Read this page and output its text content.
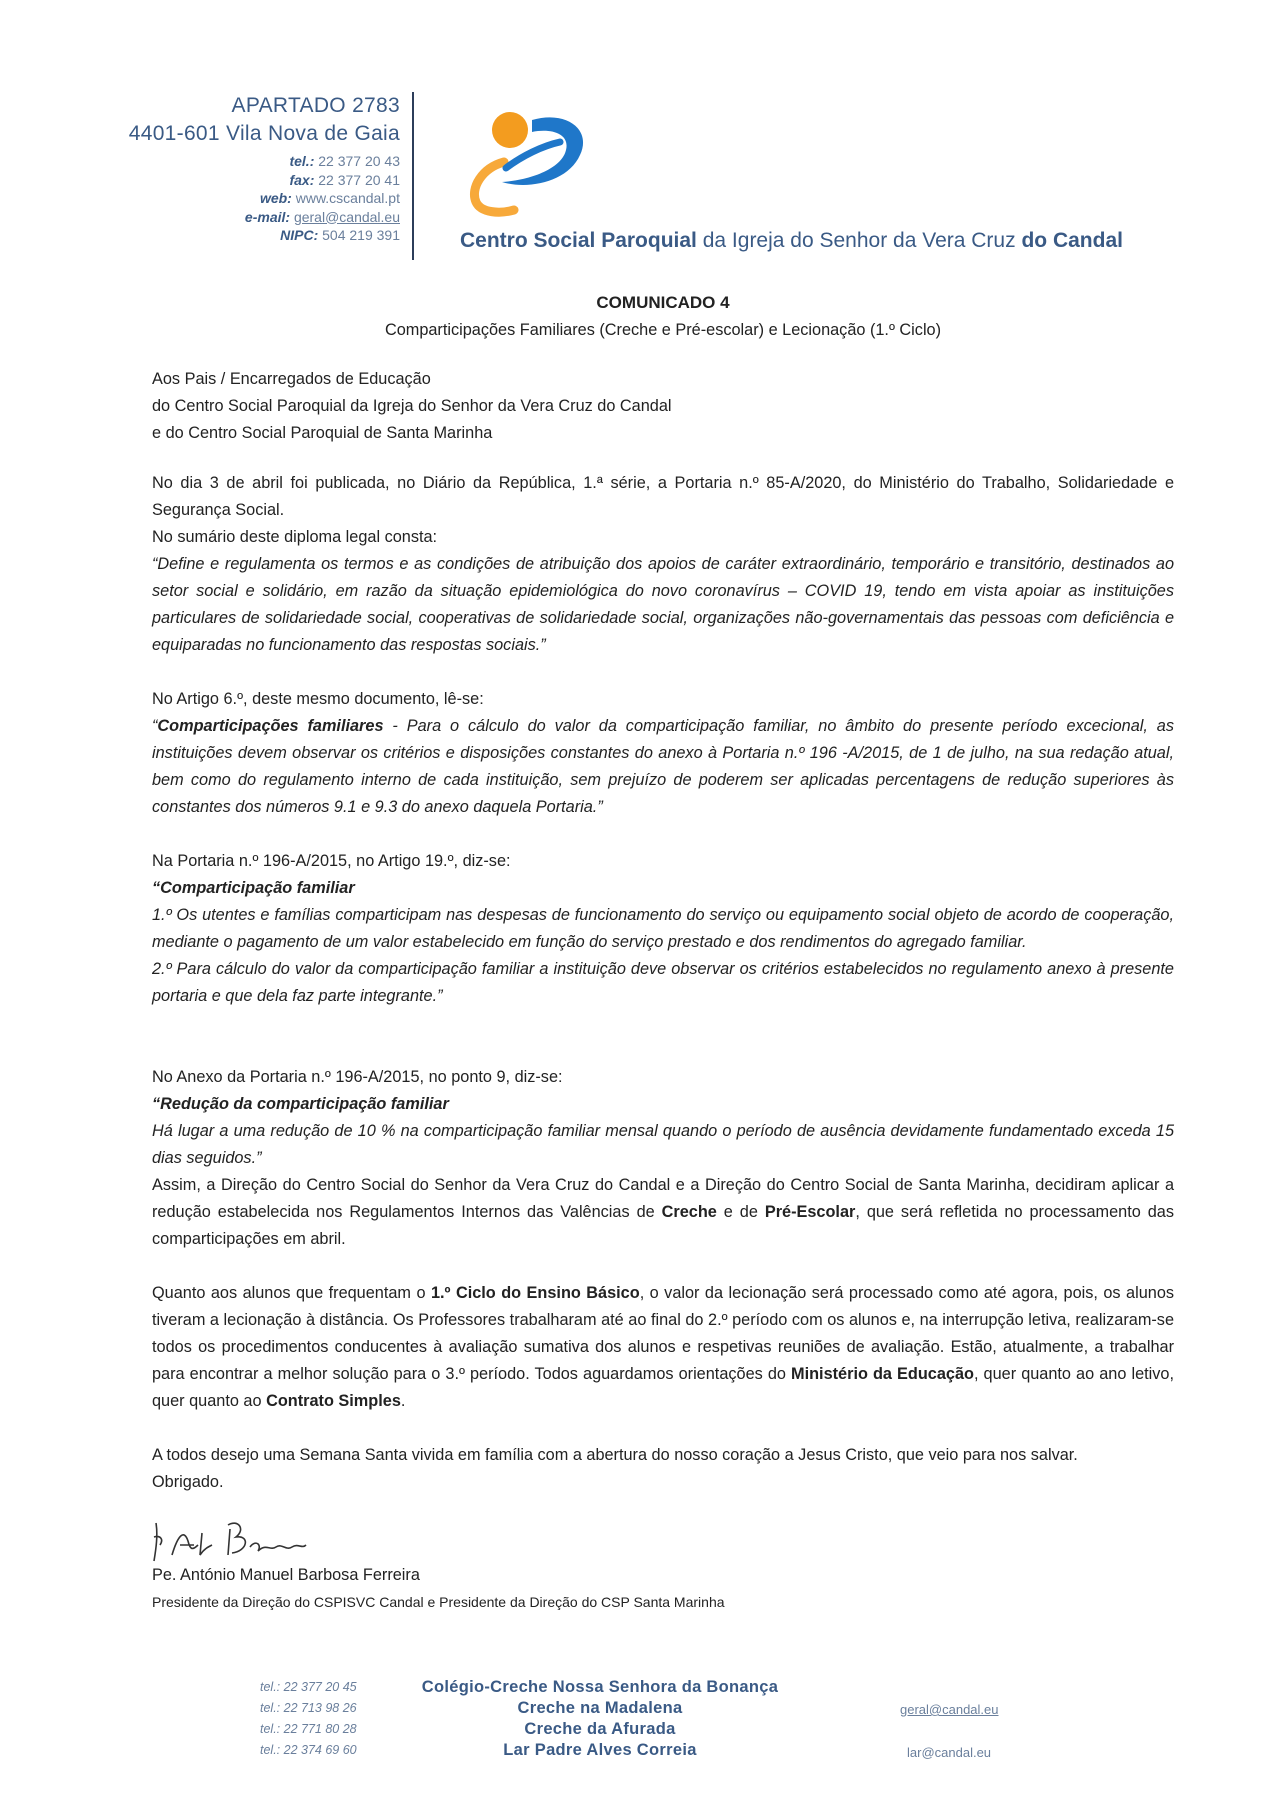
APARTADO 2783
4401-601 Vila Nova de Gaia
tel.: 22 377 20 43
fax: 22 377 20 41
web: www.cscandal.pt
e-mail: geral@candal.eu
NIPC: 504 219 391	Centro Social Paroquial da Igreja do Senhor da Vera Cruz do Candal
COMUNICADO 4
Comparticipações Familiares (Creche e Pré-escolar) e Lecionação (1.º Ciclo)

Aos Pais / Encarregados de Educação

do Centro Social Paroquial da Igreja do Senhor da Vera Cruz do Candal

e do Centro Social Paroquial de Santa Marinha

No dia 3 de abril foi publicada, no Diário da República, 1.ª série, a Portaria n.º 85-A/2020, do Ministério do Trabalho, Solidariedade e Segurança Social.

No sumário deste diploma legal consta:

“Define e regulamenta os termos e as condições de atribuição dos apoios de caráter extraordinário, temporário e transitório, destinados ao setor social e solidário, em razão da situação epidemiológica do novo coronavírus – COVID 19, tendo em vista apoiar as instituições particulares de solidariedade social, cooperativas de solidariedade social, organizações não-governamentais das pessoas com deficiência e equiparadas no funcionamento das respostas sociais.”

No Artigo 6.º, deste mesmo documento, lê-se:

“Comparticipações familiares - Para o cálculo do valor da comparticipação familiar, no âmbito do presente período excecional, as instituições devem observar os critérios e disposições constantes do anexo à Portaria n.º 196 -A/2015, de 1 de julho, na sua redação atual, bem como do regulamento interno de cada instituição, sem prejuízo de poderem ser aplicadas percentagens de redução superiores às constantes dos números 9.1 e 9.3 do anexo daquela Portaria.”

Na Portaria n.º 196-A/2015, no Artigo 19.º, diz-se:

“Comparticipação familiar

1.º Os utentes e famílias comparticipam nas despesas de funcionamento do serviço ou equipamento social objeto de acordo de cooperação, mediante o pagamento de um valor estabelecido em função do serviço prestado e dos rendimentos do agregado familiar.

2.º Para cálculo do valor da comparticipação familiar a instituição deve observar os critérios estabelecidos no regulamento anexo à presente portaria e que dela faz parte integrante.”

No Anexo da Portaria n.º 196-A/2015, no ponto 9, diz-se:

“Redução da comparticipação familiar

Há lugar a uma redução de 10 % na comparticipação familiar mensal quando o período de ausência devidamente fundamentado exceda 15 dias seguidos.”

Assim, a Direção do Centro Social do Senhor da Vera Cruz do Candal e a Direção do Centro Social de Santa Marinha, decidiram aplicar a redução estabelecida nos Regulamentos Internos das Valências de Creche e de Pré-Escolar, que será refletida no processamento das comparticipações em abril.

Quanto aos alunos que frequentam o 1.º Ciclo do Ensino Básico, o valor da lecionação será processado como até agora, pois, os alunos tiveram a lecionação à distância. Os Professores trabalharam até ao final do 2.º período com os alunos e, na interrupção letiva, realizaram-se todos os procedimentos conducentes à avaliação sumativa dos alunos e respetivas reuniões de avaliação. Estão, atualmente, a trabalhar para encontrar a melhor solução para o 3.º período. Todos aguardamos orientações do Ministério da Educação, quer quanto ao ano letivo, quer quanto ao Contrato Simples.

A todos desejo uma Semana Santa vivida em família com a abertura do nosso coração a Jesus Cristo, que veio para nos salvar.

Obrigado.

Pe. António Manuel Barbosa Ferreira
Presidente da Direção do CSPISVC Candal e Presidente da Direção do CSP Santa Marinha
tel.: 22 377 20 45
tel.: 22 713 98 26
tel.: 22 771 80 28
tel.: 22 374 69 60
Colégio-Creche Nossa Senhora da Bonança
Creche na Madalena
Creche da Afurada
Lar Padre Alves Correia
geral@candal.eu
lar@candal.eu
